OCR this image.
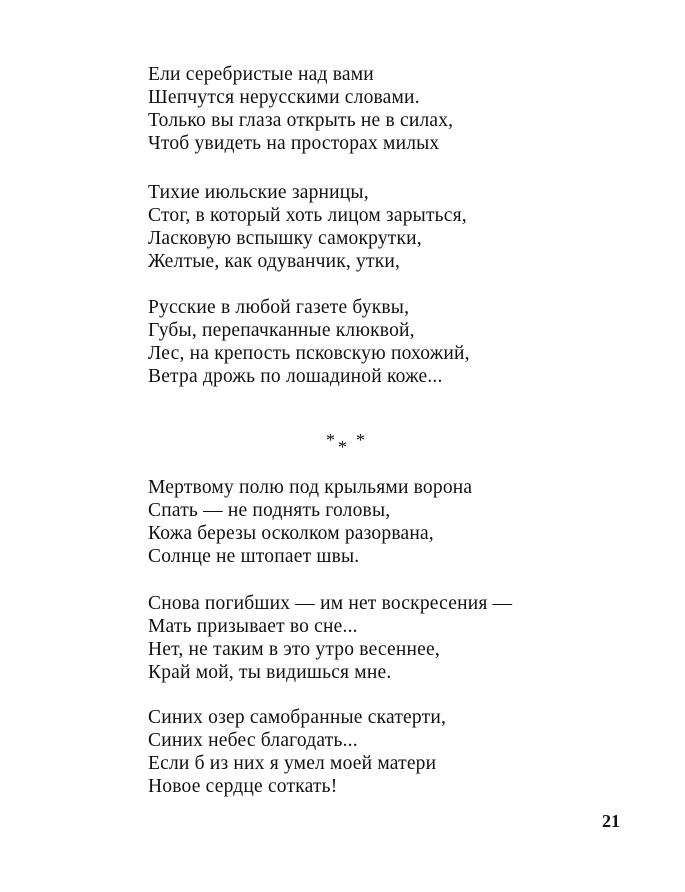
Ели серебристые над вами
Шепчутся нерусскими словами.
Только вы глаза открыть не в силах,
Чтоб увидеть на просторах милых
Тихие июльские зарницы,
Стог, в который хоть лицом зарыться,
Ласковую вспышку самокрутки,
Желтые, как одуванчик, утки,
Русские в любой газете буквы,
Губы, перепачканные клюквой,
Лес, на крепость псковскую похожий,
Ветра дрожь по лошадиной коже...
* * *
Мертвому полю под крыльями ворона
Спать — не поднять головы,
Кожа березы осколком разорвана,
Солнце не штопает швы.
Снова погибших — им нет воскресения —
Мать призывает во сне...
Нет, не таким в это утро весеннее,
Край мой, ты видишься мне.
Синих озер самобранные скатерти,
Синих небес благодать...
Если б из них я умел моей матери
Новое сердце соткать!
21
